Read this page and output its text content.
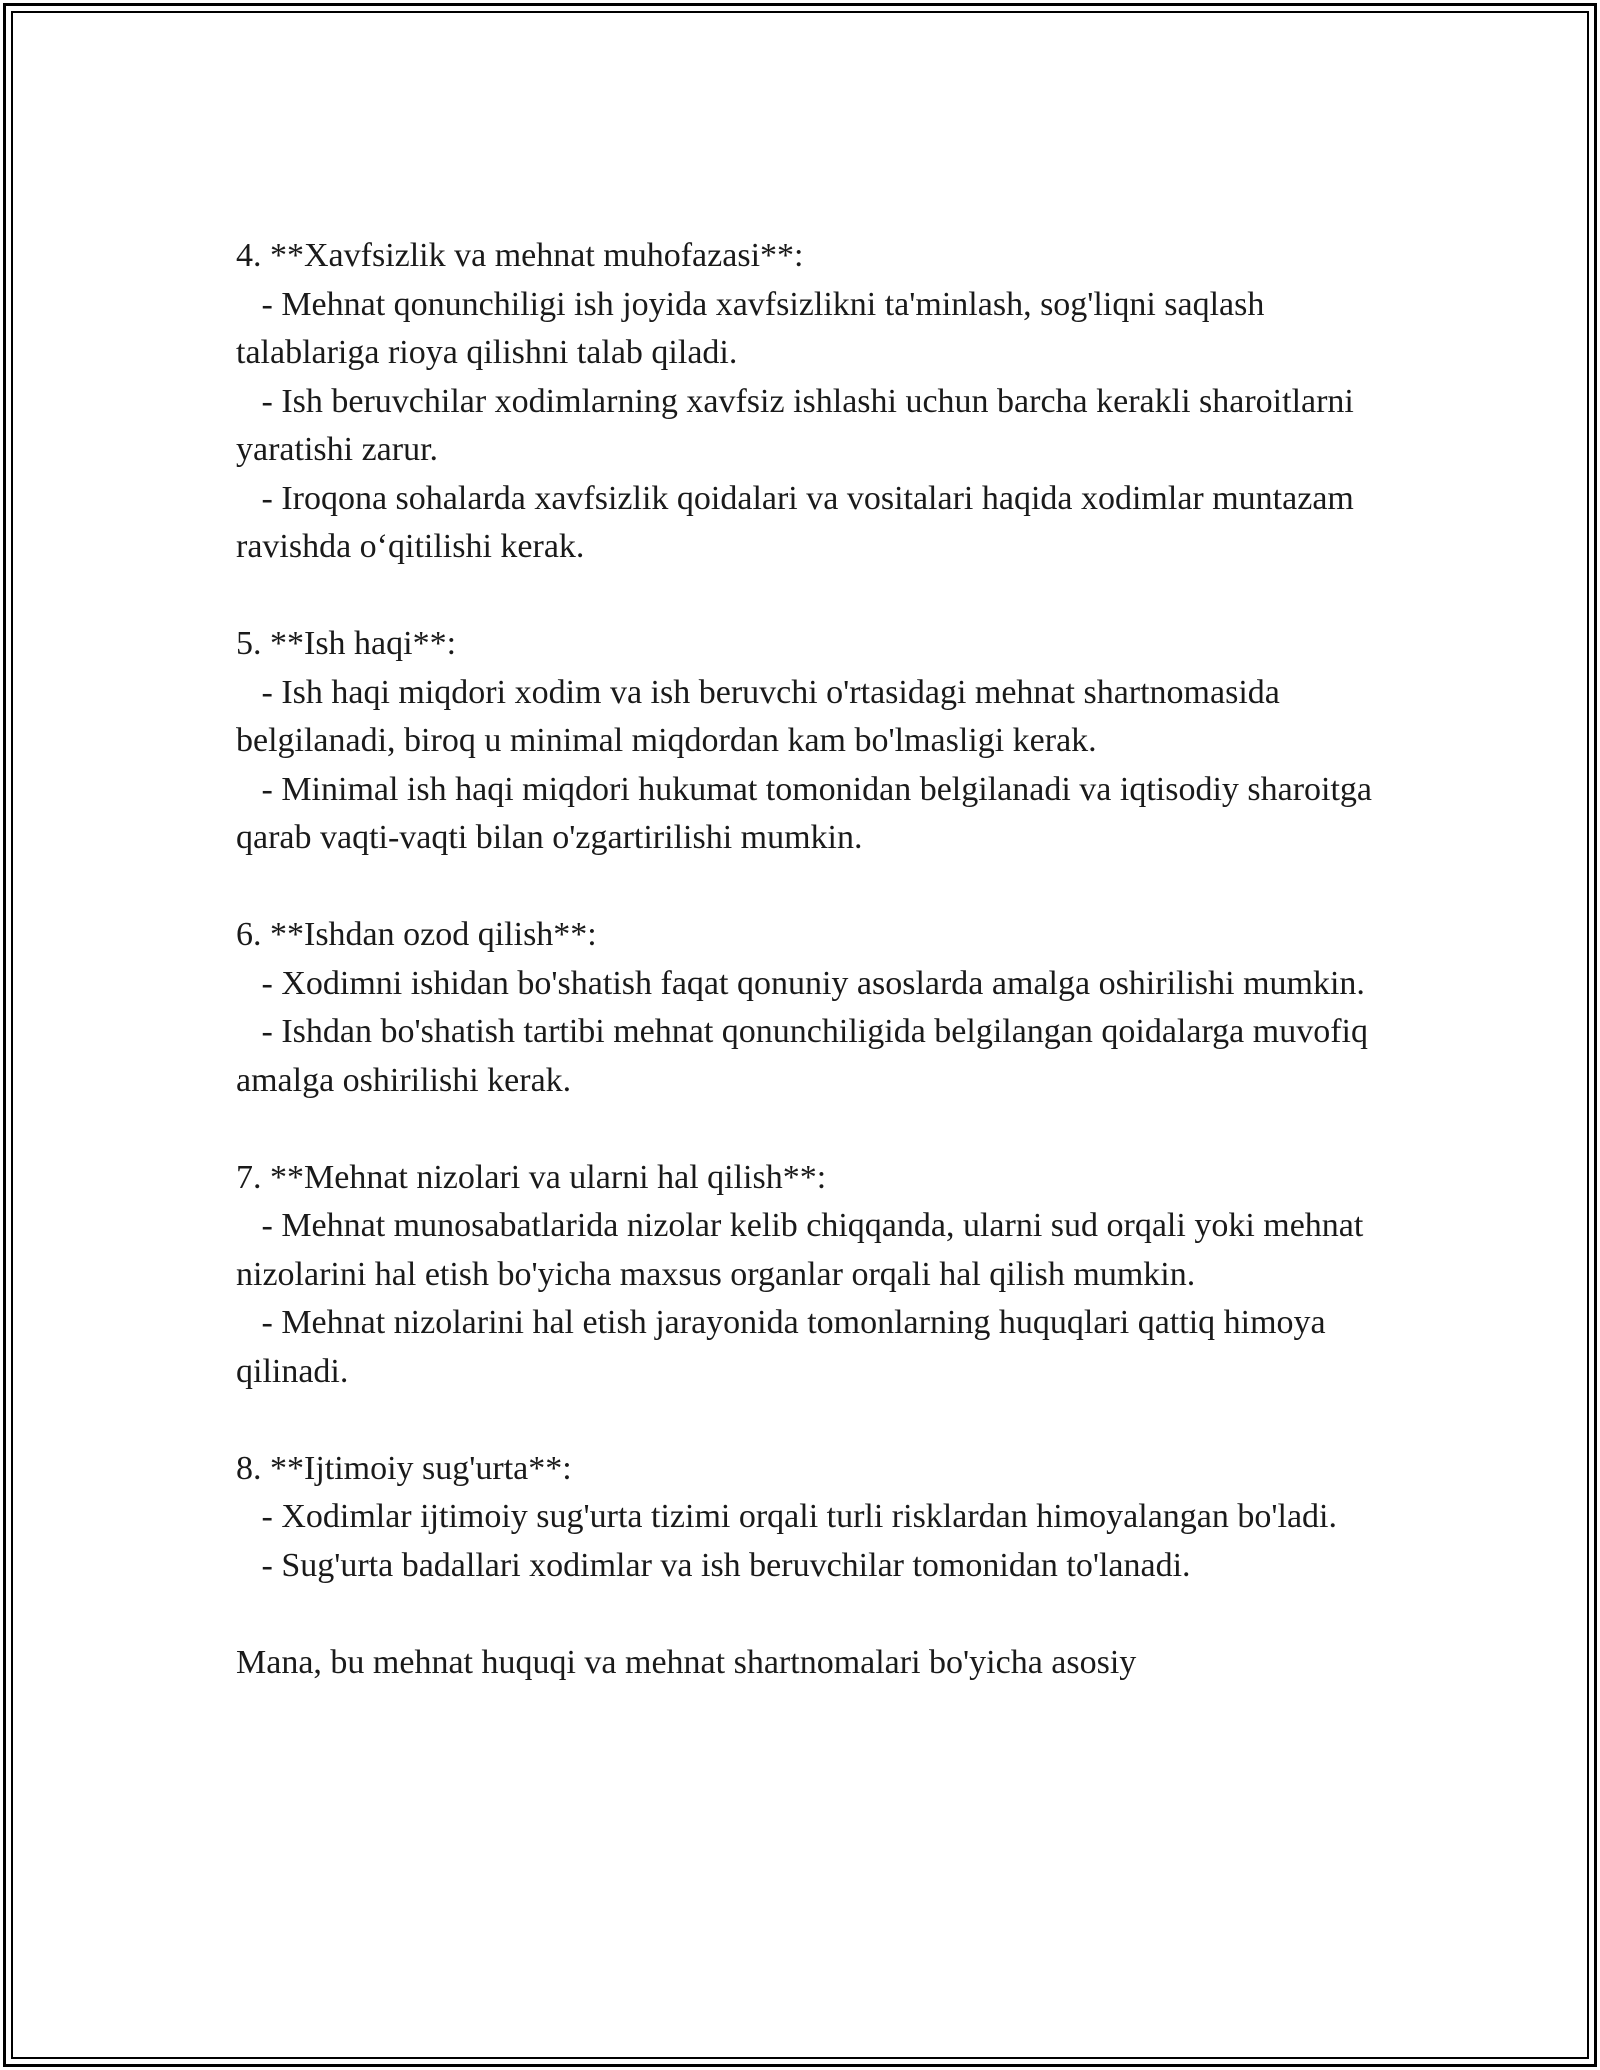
4. **Xavfsizlik va mehnat muhofazasi**:
- Mehnat qonunchiligi ish joyida xavfsizlikni ta'minlash, sog'liqni saqlash talablariga rioya qilishni talab qiladi.
- Ish beruvchilar xodimlarning xavfsiz ishlashi uchun barcha kerakli sharoitlarni yaratishi zarur.
- Iroqona sohalarda xavfsizlik qoidalari va vositalari haqida xodimlar muntazam ravishda o‘qitilishi kerak.
5. **Ish haqi**:
- Ish haqi miqdori xodim va ish beruvchi o'rtasidagi mehnat shartnomasida belgilanadi, biroq u minimal miqdordan kam bo'lmasligi kerak.
- Minimal ish haqi miqdori hukumat tomonidan belgilanadi va iqtisodiy sharoitga qarab vaqti-vaqti bilan o'zgartirilishi mumkin.
6. **Ishdan ozod qilish**:
- Xodimni ishidan bo'shatish faqat qonuniy asoslarda amalga oshirilishi mumkin.
- Ishdan bo'shatish tartibi mehnat qonunchiligida belgilangan qoidalarga muvofiq amalga oshirilishi kerak.
7. **Mehnat nizolari va ularni hal qilish**:
- Mehnat munosabatlarida nizolar kelib chiqqanda, ularni sud orqali yoki mehnat nizolarini hal etish bo'yicha maxsus organlar orqali hal qilish mumkin.
- Mehnat nizolarini hal etish jarayonida tomonlarning huquqlari qattiq himoya qilinadi.
8. **Ijtimoiy sug'urta**:
- Xodimlar ijtimoiy sug'urta tizimi orqali turli risklardan himoyalangan bo'ladi.
- Sug'urta badallari xodimlar va ish beruvchilar tomonidan to'lanadi.
Mana, bu mehnat huquqi va mehnat shartnomalari bo'yicha asosiy
